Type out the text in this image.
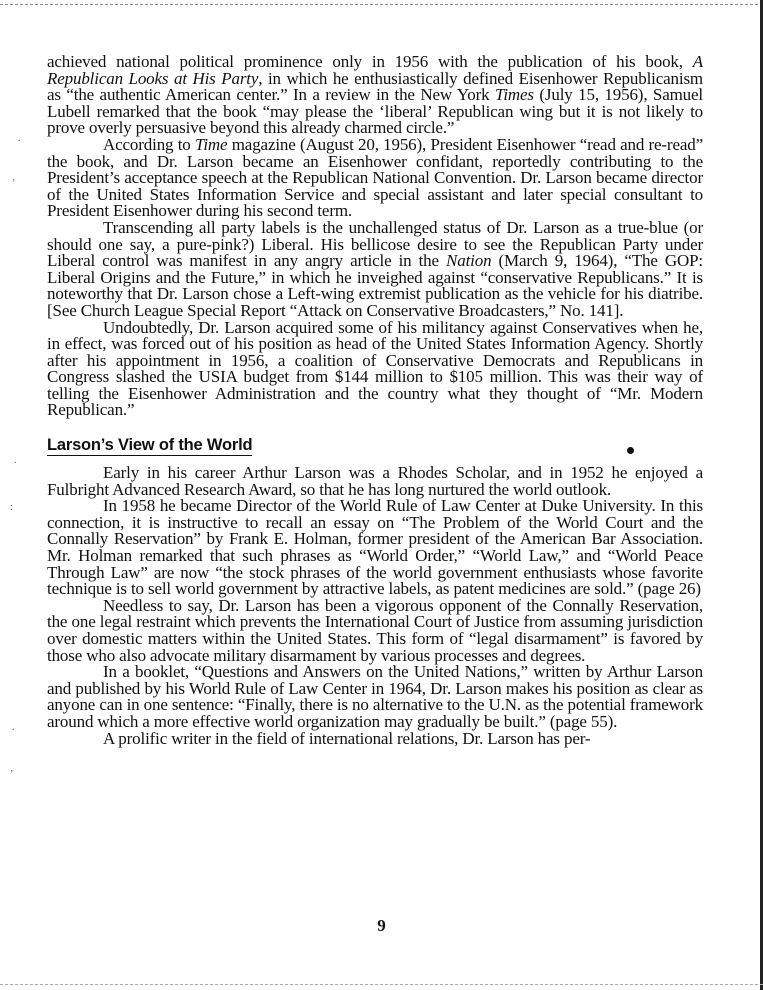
.
ʼ
.
:
.
ʼ

achieved national political prominence only in 1956 with the publication of his book, A Republican Looks at His Party, in which he enthusiastically defined Eisenhower Republicanism as “the authentic American center.” In a review in the New York Times (July 15, 1956), Samuel Lubell remarked that the book “may please the ‘liberal’ Republican wing but it is not likely to prove overly persuasive beyond this already charmed circle.”

According to Time magazine (August 20, 1956), President Eisenhower “read and re-read” the book, and Dr. Larson became an Eisenhower confidant, reportedly contributing to the President’s acceptance speech at the Republican National Convention. Dr. Larson became director of the United States Information Service and special assistant and later special consultant to President Eisenhower during his second term.

Transcending all party labels is the unchallenged status of Dr. Larson as a true-blue (or should one say, a pure-pink?) Liberal. His bellicose desire to see the Republican Party under Liberal control was manifest in any angry article in the Nation (March 9, 1964), “The GOP: Liberal Origins and the Future,” in which he inveighed against “conservative Republicans.” It is noteworthy that Dr. Larson chose a Left-wing extremist publication as the vehicle for his diatribe. [See Church League Special Report “Attack on Conservative Broadcasters,” No. 141].

Undoubtedly, Dr. Larson acquired some of his militancy against Conservatives when he, in effect, was forced out of his position as head of the United States Information Agency. Shortly after his appointment in 1956, a coalition of Conservative Democrats and Republicans in Congress slashed the USIA budget from $144 million to $105 million. This was their way of telling the Eisenhower Administration and the country what they thought of “Mr. Modern Republican.”

Larson’s View of the World

Early in his career Arthur Larson was a Rhodes Scholar, and in 1952 he enjoyed a Fulbright Advanced Research Award, so that he has long nurtured the world outlook.

In 1958 he became Director of the World Rule of Law Center at Duke University. In this connection, it is instructive to recall an essay on “The Problem of the World Court and the Connally Reservation” by Frank E. Holman, former president of the American Bar Association. Mr. Holman remarked that such phrases as “World Order,” “World Law,” and “World Peace Through Law” are now “the stock phrases of the world government enthusiasts whose favorite technique is to sell world government by attractive labels, as patent medicines are sold.” (page 26)

Needless to say, Dr. Larson has been a vigorous opponent of the Connally Reservation, the one legal restraint which prevents the International Court of Justice from assuming jurisdiction over domestic matters within the United States. This form of “legal disarmament” is favored by those who also advocate military disarmament by various processes and degrees.

In a booklet, “Questions and Answers on the United Nations,” written by Arthur Larson and published by his World Rule of Law Center in 1964, Dr. Larson makes his position as clear as anyone can in one sentence: “Finally, there is no alternative to the U.N. as the potential framework around which a more effective world organization may gradually be built.” (page 55).

A prolific writer in the field of international relations, Dr. Larson has per-

9
